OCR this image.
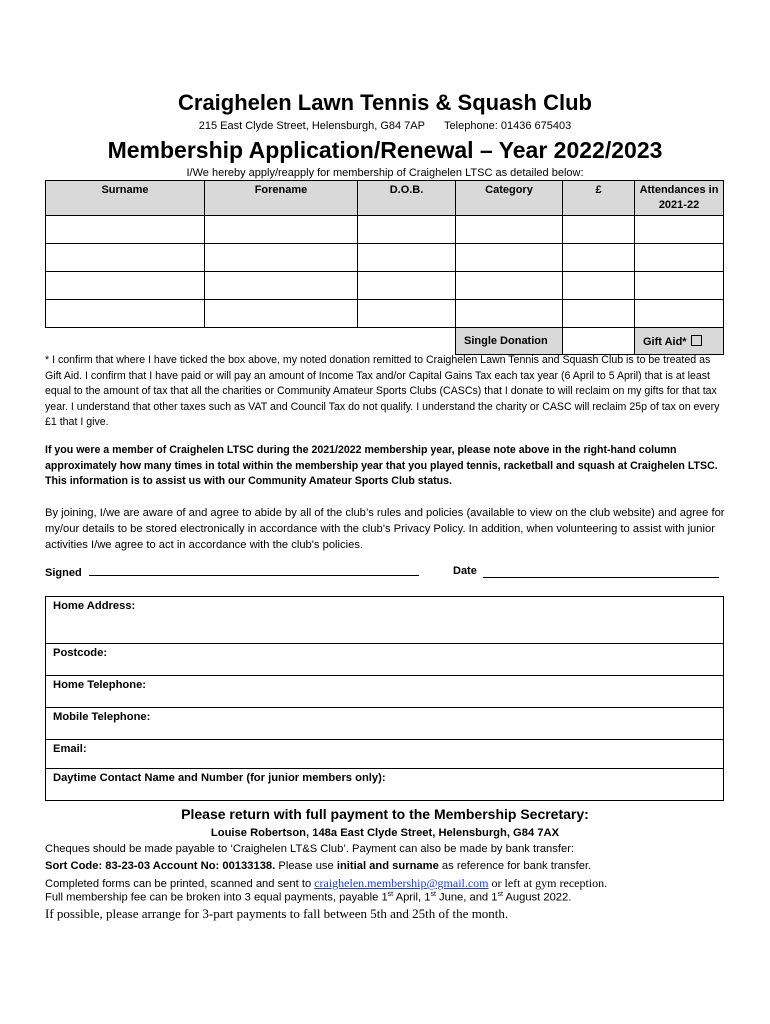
Craighelen Lawn Tennis & Squash Club
215 East Clyde Street, Helensburgh, G84 7AP Telephone: 01436 675403
Membership Application/Renewal – Year 2022/2023
I/We hereby apply/reapply for membership of Craighelen LTSC as detailed below:
Surname	Forename	D.O.B.	Category	£	Attendances in 2021-22

			Single Donation		Gift Aid*
* I confirm that where I have ticked the box above, my noted donation remitted to Craighelen Lawn Tennis and Squash Club is to be treated as Gift Aid. I confirm that I have paid or will pay an amount of Income Tax and/or Capital Gains Tax each tax year (6 April to 5 April) that is at least equal to the amount of tax that all the charities or Community Amateur Sports Clubs (CASCs) that I donate to will reclaim on my gifts for that tax year. I understand that other taxes such as VAT and Council Tax do not qualify. I understand the charity or CASC will reclaim 25p of tax on every £1 that I give.
If you were a member of Craighelen LTSC during the 2021/2022 membership year, please note above in the right-hand column approximately how many times in total within the membership year that you played tennis, racketball and squash at Craighelen LTSC. This information is to assist us with our Community Amateur Sports Club status.
By joining, I/we are aware of and agree to abide by all of the club’s rules and policies (available to view on the club website) and agree for my/our details to be stored electronically in accordance with the club’s Privacy Policy. In addition, when volunteering to assist with junior activities I/we agree to act in accordance with the club's policies.
Signed	Date
Home Address:
Postcode:
Home Telephone:
Mobile Telephone:
Email:
Daytime Contact Name and Number (for junior members only):
Please return with full payment to the Membership Secretary:
Louise Robertson, 148a East Clyde Street, Helensburgh, G84 7AX
Cheques should be made payable to ‘Craighelen LT&S Club’. Payment can also be made by bank transfer:
Sort Code: 83-23-03 Account No: 00133138. Please use initial and surname as reference for bank transfer.
Completed forms can be printed, scanned and sent to craighelen.membership@gmail.com or left at gym reception.
Full membership fee can be broken into 3 equal payments, payable 1st April, 1st June, and 1st August 2022.
If possible, please arrange for 3-part payments to fall between 5th and 25th of the month.
